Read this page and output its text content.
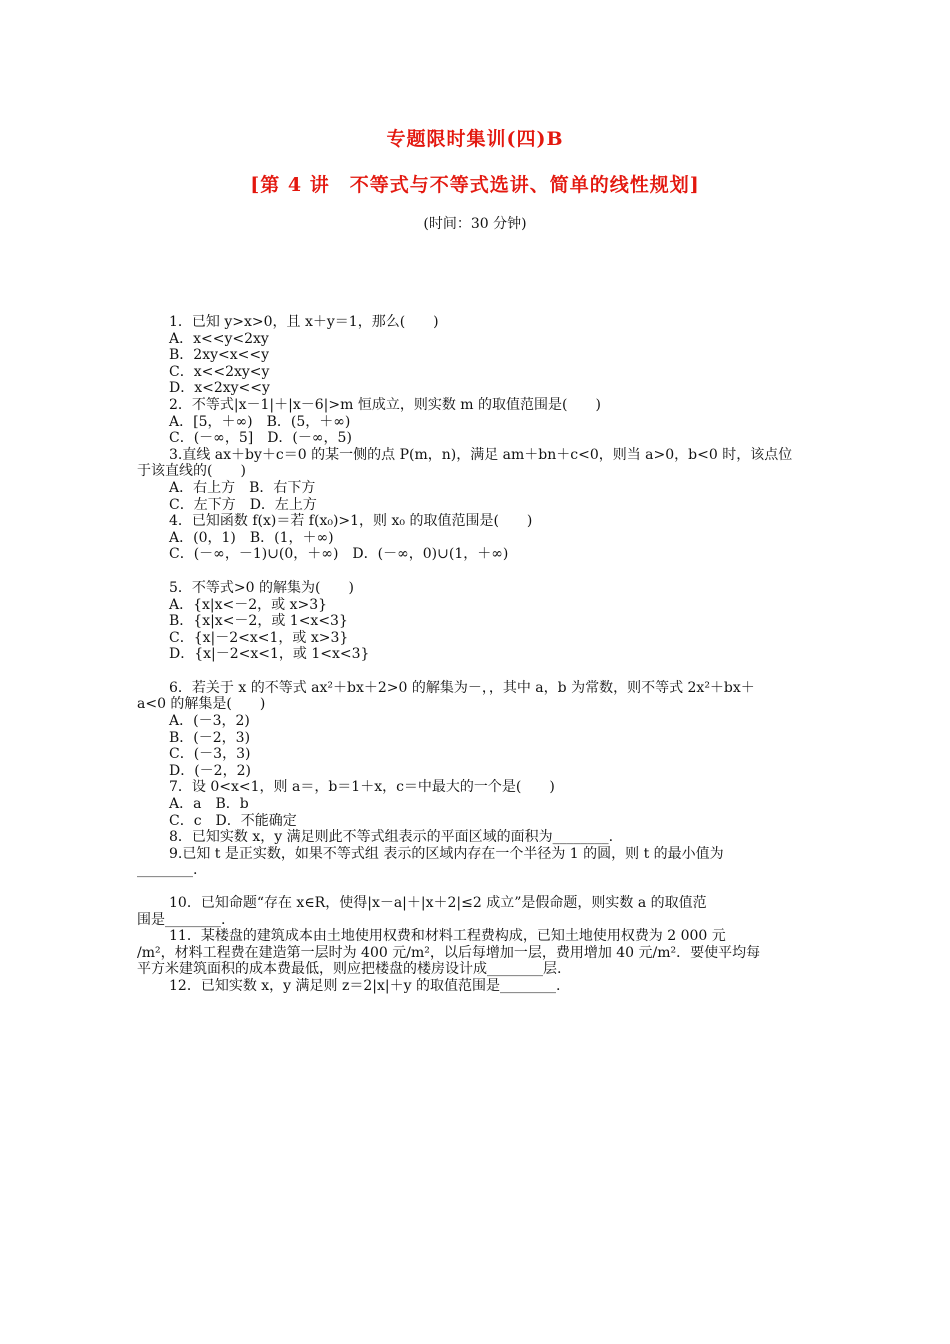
专题限时集训(四)B
[第 4 讲　不等式与不等式选讲、简单的线性规划]
(时间：30 分钟)
1．已知 y>x>0，且 x＋y＝1，那么(　　)
A．x<<y<2xy
B．2xy<x<<y
C．x<<2xy<y
D．x<2xy<<y
2．不等式|x－1|＋|x－6|>m 恒成立，则实数 m 的取值范围是(　　)
A．[5，＋∞)　B．(5，＋∞)
C．(－∞，5]　D．(－∞，5)
3.直线 ax＋by＋c＝0 的某一侧的点 P(m，n)，满足 am＋bn＋c<0，则当 a>0，b<0 时，该点位
于该直线的(　　)
A．右上方　B．右下方
C．左下方　D．左上方
4．已知函数 f(x)＝若 f(x₀)>1，则 x₀ 的取值范围是(　　)
A．(0，1)　B．(1，＋∞)
C．(－∞，－1)∪(0，＋∞)　D．(－∞，0)∪(1，＋∞)
5．不等式>0 的解集为(　　)
A．{x|x<－2，或 x>3}
B．{x|x<－2，或 1<x<3}
C．{x|－2<x<1，或 x>3}
D．{x|－2<x<1，或 1<x<3}
6．若关于 x 的不等式 ax²＋bx＋2>0 的解集为－，，其中 a，b 为常数，则不等式 2x²＋bx＋
a<0 的解集是(　　)
A．(－3，2)
B．(－2，3)
C．(－3，3)
D．(－2，2)
7．设 0<x<1，则 a＝，b＝1＋x，c＝中最大的一个是(　　)
A．a　B．b
C．c　D．不能确定
8．已知实数 x，y 满足则此不等式组表示的平面区域的面积为________.
9.已知 t 是正实数，如果不等式组 表示的区域内存在一个半径为 1 的圆，则 t 的最小值为
________.
10．已知命题“存在 x∈R，使得|x－a|＋|x＋2|≤2 成立”是假命题，则实数 a 的取值范
围是________.
11．某楼盘的建筑成本由土地使用权费和材料工程费构成，已知土地使用权费为 2 000 元
/m²，材料工程费在建造第一层时为 400 元/m²，以后每增加一层，费用增加 40 元/m²．要使平均每
平方米建筑面积的成本费最低，则应把楼盘的楼房设计成________层.
12．已知实数 x，y 满足则 z＝2|x|＋y 的取值范围是________.
